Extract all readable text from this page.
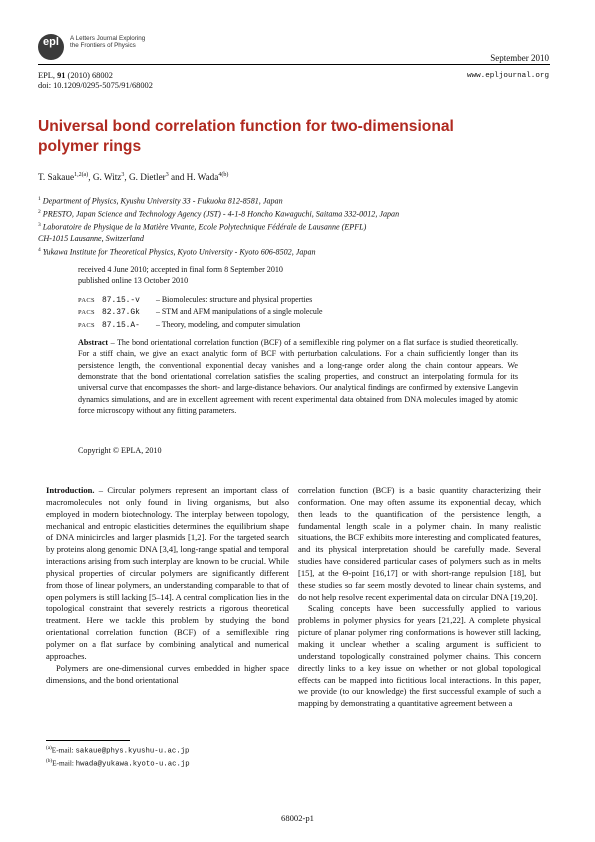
epl	A Letters Journal Exploring
the Frontiers of Physics
September 2010
EPL, 91 (2010) 68002
doi: 10.1209/0295-5075/91/68002
www.epljournal.org
Universal bond correlation function for two-dimensional polymer rings
T. Sakaue$^{1,2(a)}$, G. Witz$^3$, G. Dietler$^3$ and H. Wada$^{4(b)}$
$^1$ Department of Physics, Kyushu University 33 - Fukuoka 812-8581, Japan
$^2$ PRESTO, Japan Science and Technology Agency (JST) - 4-1-8 Honcho Kawaguchi, Saitama 332-0012, Japan
$^3$ Laboratoire de Physique de la Matière Vivante, Ecole Polytechnique Fédérale de Lausanne (EPFL)
CH-1015 Lausanne, Switzerland
$^4$ Yukawa Institute for Theoretical Physics, Kyoto University - Kyoto 606-8502, Japan
received 4 June 2010; accepted in final form 8 September 2010
published online 13 October 2010
PACS 87.15.-v – Biomolecules: structure and physical properties
PACS 82.37.Gk – STM and AFM manipulations of a single molecule
PACS 87.15.A- – Theory, modeling, and computer simulation
Abstract – The bond orientational correlation function (BCF) of a semiflexible ring polymer on a flat surface is studied theoretically. For a stiff chain, we give an exact analytic form of BCF with perturbation calculations. For a chain sufficiently longer than its persistence length, the conventional exponential decay vanishes and a long-range order along the chain contour appears. We demonstrate that the bond orientational correlation satisfies the scaling properties, and construct an interpolating formula for its universal curve that encompasses the short- and large-distance behaviors. Our analytical findings are confirmed by extensive Langevin dynamics simulations, and are in excellent agreement with recent experimental data obtained from DNA molecules imaged by atomic force microscopy without any fitting parameters.
Copyright © EPLA, 2010

Introduction. – Circular polymers represent an important class of macromolecules not only found in living organisms, but also employed in modern biotechnology. The interplay between topology, mechanical and entropic elasticities determines the equilibrium shape of DNA minicircles and larger plasmids [1,2]. For the targeted search by proteins along genomic DNA [3,4], long-range spatial and temporal interactions arising from such interplay are known to be crucial. While physical properties of circular polymers are significantly different from those of linear polymers, an understanding comparable to that of open polymers is still lacking [5–14]. A central complication lies in the topological constraint that severely restricts a rigorous theoretical treatment. Here we tackle this problem by studying the bond orientational correlation function (BCF) of a semiflexible ring polymer on a flat surface by combining analytical and numerical approaches.

Polymers are one-dimensional curves embedded in higher space dimensions, and the bond orientational

correlation function (BCF) is a basic quantity characterizing their conformation. One may often assume its exponential decay, which then leads to the quantification of the persistence length, a fundamental length scale in a polymer chain. In many realistic situations, the BCF exhibits more interesting and complicated features, and its physical interpretation should be carefully made. Several studies have considered particular cases of polymers such as in melts [15], at the Θ-point [16,17] or with short-range repulsion [18], but these studies so far seem mostly devoted to linear chain systems, and do not help resolve recent experimental data on circular DNA [19,20].

Scaling concepts have been successfully applied to various problems in polymer physics for years [21,22]. A complete physical picture of planar polymer ring conformations is however still lacking, making it unclear whether a scaling argument is sufficient to understand topologically constrained polymer chains. This concern directly links to a key issue on whether or not global topological effects can be mapped into fictitious local interactions. In this paper, we provide (to our knowledge) the first successful example of such a mapping by demonstrating a quantitative agreement between a

$^{(a)}$E-mail: sakaue@phys.kyushu-u.ac.jp
$^{(b)}$E-mail: hwada@yukawa.kyoto-u.ac.jp
68002-p1
